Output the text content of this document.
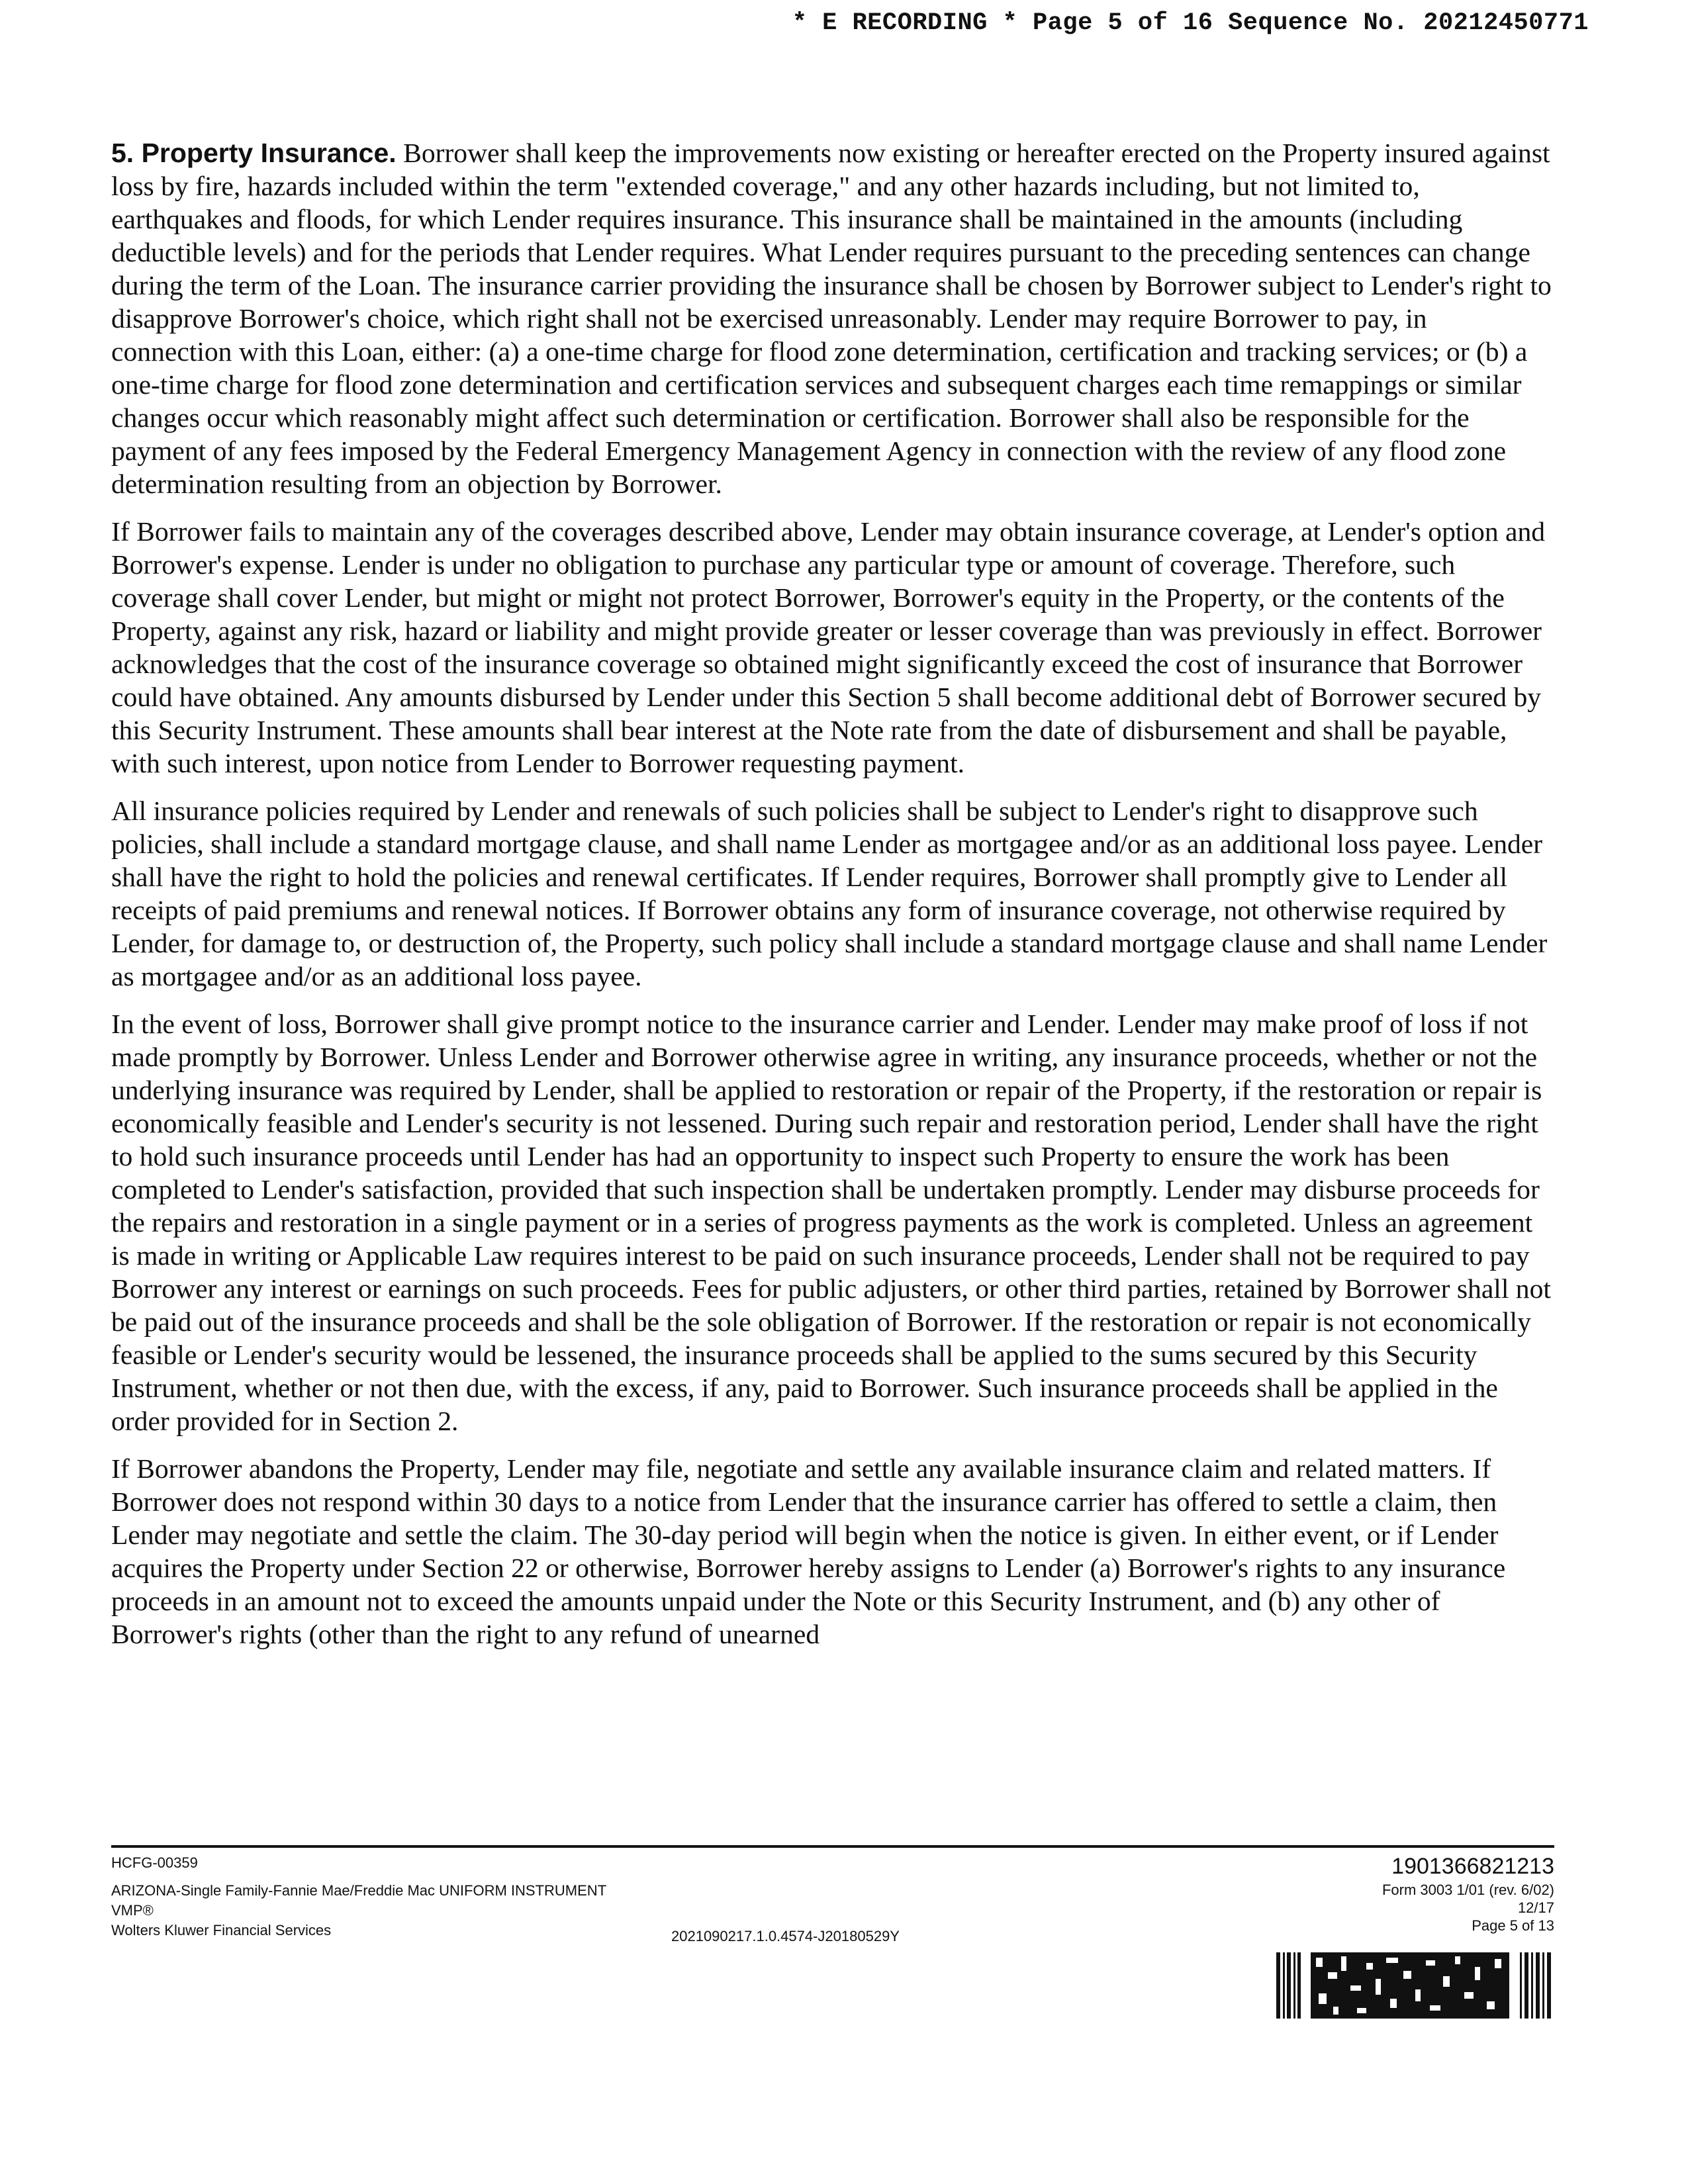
* E RECORDING * Page 5 of 16 Sequence No. 20212450771

5. Property Insurance. Borrower shall keep the improvements now existing or hereafter erected on the Property insured against loss by fire, hazards included within the term "extended coverage," and any other hazards including, but not limited to, earthquakes and floods, for which Lender requires insurance. This insurance shall be maintained in the amounts (including deductible levels) and for the periods that Lender requires. What Lender requires pursuant to the preceding sentences can change during the term of the Loan. The insurance carrier providing the insurance shall be chosen by Borrower subject to Lender's right to disapprove Borrower's choice, which right shall not be exercised unreasonably. Lender may require Borrower to pay, in connection with this Loan, either: (a) a one-time charge for flood zone determination, certification and tracking services; or (b) a one-time charge for flood zone determination and certification services and subsequent charges each time remappings or similar changes occur which reasonably might affect such determination or certification. Borrower shall also be responsible for the payment of any fees imposed by the Federal Emergency Management Agency in connection with the review of any flood zone determination resulting from an objection by Borrower.

If Borrower fails to maintain any of the coverages described above, Lender may obtain insurance coverage, at Lender's option and Borrower's expense. Lender is under no obligation to purchase any particular type or amount of coverage. Therefore, such coverage shall cover Lender, but might or might not protect Borrower, Borrower's equity in the Property, or the contents of the Property, against any risk, hazard or liability and might provide greater or lesser coverage than was previously in effect. Borrower acknowledges that the cost of the insurance coverage so obtained might significantly exceed the cost of insurance that Borrower could have obtained. Any amounts disbursed by Lender under this Section 5 shall become additional debt of Borrower secured by this Security Instrument. These amounts shall bear interest at the Note rate from the date of disbursement and shall be payable, with such interest, upon notice from Lender to Borrower requesting payment.

All insurance policies required by Lender and renewals of such policies shall be subject to Lender's right to disapprove such policies, shall include a standard mortgage clause, and shall name Lender as mortgagee and/or as an additional loss payee. Lender shall have the right to hold the policies and renewal certificates. If Lender requires, Borrower shall promptly give to Lender all receipts of paid premiums and renewal notices. If Borrower obtains any form of insurance coverage, not otherwise required by Lender, for damage to, or destruction of, the Property, such policy shall include a standard mortgage clause and shall name Lender as mortgagee and/or as an additional loss payee.

In the event of loss, Borrower shall give prompt notice to the insurance carrier and Lender. Lender may make proof of loss if not made promptly by Borrower. Unless Lender and Borrower otherwise agree in writing, any insurance proceeds, whether or not the underlying insurance was required by Lender, shall be applied to restoration or repair of the Property, if the restoration or repair is economically feasible and Lender's security is not lessened. During such repair and restoration period, Lender shall have the right to hold such insurance proceeds until Lender has had an opportunity to inspect such Property to ensure the work has been completed to Lender's satisfaction, provided that such inspection shall be undertaken promptly. Lender may disburse proceeds for the repairs and restoration in a single payment or in a series of progress payments as the work is completed. Unless an agreement is made in writing or Applicable Law requires interest to be paid on such insurance proceeds, Lender shall not be required to pay Borrower any interest or earnings on such proceeds. Fees for public adjusters, or other third parties, retained by Borrower shall not be paid out of the insurance proceeds and shall be the sole obligation of Borrower. If the restoration or repair is not economically feasible or Lender's security would be lessened, the insurance proceeds shall be applied to the sums secured by this Security Instrument, whether or not then due, with the excess, if any, paid to Borrower. Such insurance proceeds shall be applied in the order provided for in Section 2.

If Borrower abandons the Property, Lender may file, negotiate and settle any available insurance claim and related matters. If Borrower does not respond within 30 days to a notice from Lender that the insurance carrier has offered to settle a claim, then Lender may negotiate and settle the claim. The 30-day period will begin when the notice is given. In either event, or if Lender acquires the Property under Section 22 or otherwise, Borrower hereby assigns to Lender (a) Borrower's rights to any insurance proceeds in an amount not to exceed the amounts unpaid under the Note or this Security Instrument, and (b) any other of Borrower's rights (other than the right to any refund of unearned

HCFG-00359
ARIZONA-Single Family-Fannie Mae/Freddie Mac UNIFORM INSTRUMENT
VMP®
Wolters Kluwer Financial Services	2021090217.1.0.4574-J20180529Y
1901366821213
Form 3003 1/01 (rev. 6/02)
12/17
Page 5 of 13
